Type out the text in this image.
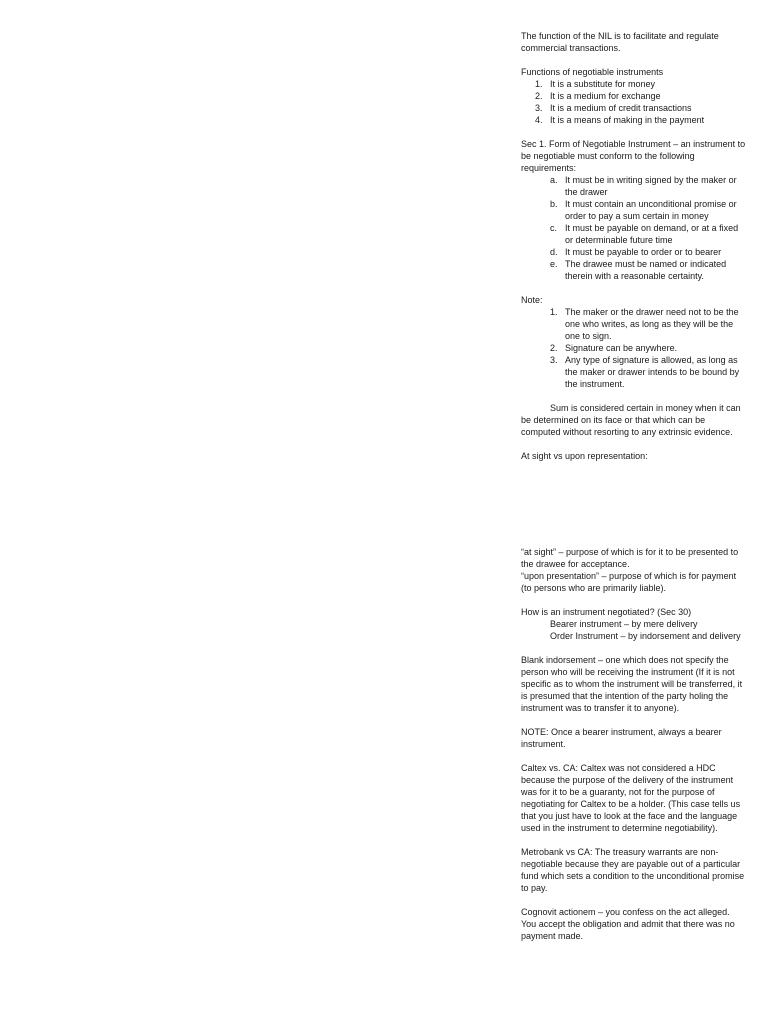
The function of the NIL is to facilitate and regulate commercial transactions.

Functions of negotiable instruments

1. It is a substitute for money
2. It is a medium for exchange
3. It is a medium of credit transactions
4. It is a means of making in the payment

Sec 1. Form of Negotiable Instrument – an instrument to be negotiable must conform to the following requirements:

a. It must be in writing signed by the maker or the drawer
b. It must contain an unconditional promise or order to pay a sum certain in money
c. It must be payable on demand, or at a fixed or determinable future time
d. It must be payable to order or to bearer
e. The drawee must be named or indicated therein with a reasonable certainty.

Note:

1. The maker or the drawer need not to be the one who writes, as long as they will be the one to sign.
2. Signature can be anywhere.
3. Any type of signature is allowed, as long as the maker or drawer intends to be bound by the instrument.

Sum is considered certain in money when it can be determined on its face or that which can be computed without resorting to any extrinsic evidence.

At sight vs upon representation:

“at sight” – purpose of which is for it to be presented to the drawee for acceptance.

“upon presentation” – purpose of which is for payment (to persons who are primarily liable).

How is an instrument negotiated? (Sec 30)

Bearer instrument – by mere delivery

Order Instrument – by indorsement and delivery

Blank indorsement – one which does not specify the person who will be receiving the instrument (If it is not specific as to whom the instrument will be transferred, it is presumed that the intention of the party holing the instrument was to transfer it to anyone).

NOTE: Once a bearer instrument, always a bearer instrument.

Caltex vs. CA: Caltex was not considered a HDC because the purpose of the delivery of the instrument was for it to be a guaranty, not for the purpose of negotiating for Caltex to be a holder. (This case tells us that you just have to look at the face and the language used in the instrument to determine negotiability).

Metrobank vs CA: The treasury warrants are non-negotiable because they are payable out of a particular fund which sets a condition to the unconditional promise to pay.

Cognovit actionem – you confess on the act alleged. You accept the obligation and admit that there was no payment made.
